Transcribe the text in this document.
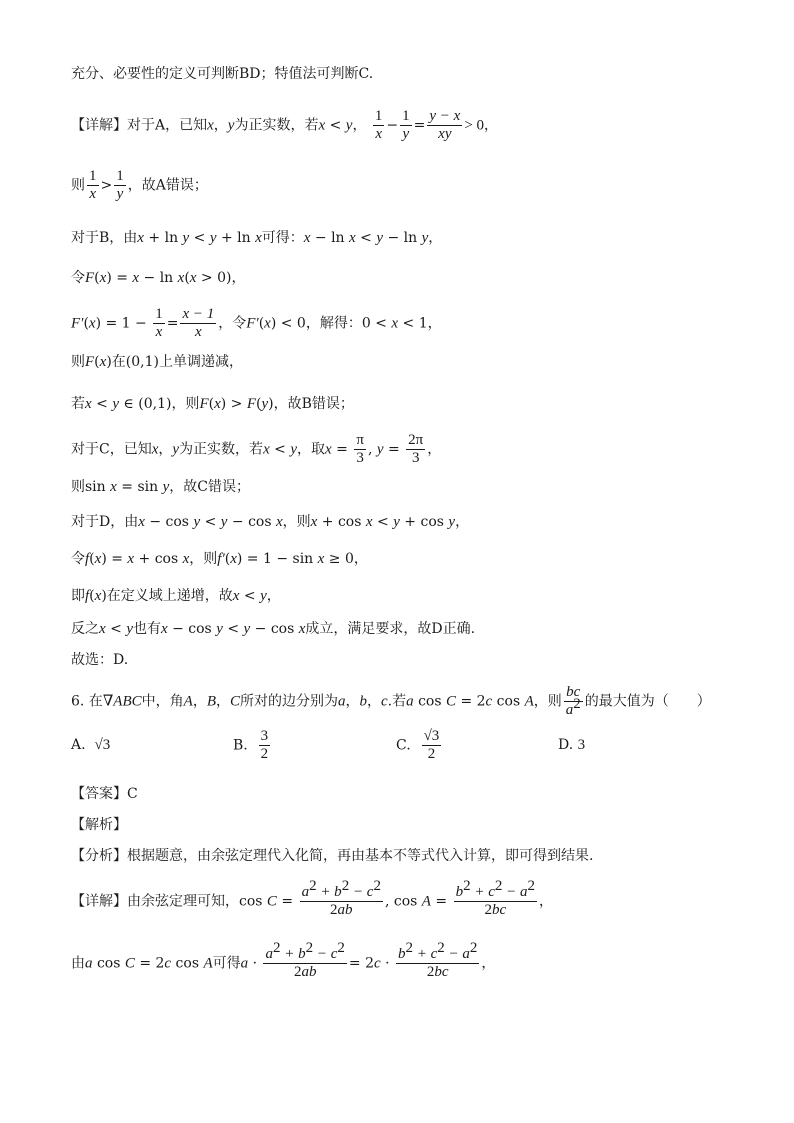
充分、必要性的定义可判断BD；特值法可判断C.
【详解】对于A，已知x，y为正实数，若x < y， $\frac{1}{x} - \frac{1}{y} = \frac{y - x}{xy} > 0$，
则 $\frac{1}{x} > \frac{1}{y}$ ，故A错误；
对于B，由x + ln y < y + ln x可得：x − ln x < y − ln y，
令F(x) = x − ln x(x > 0)，
$F'(x) = 1 - \frac{1}{x} = \frac{x - 1}{x}$ ，令F′(x) < 0，解得：0 < x < 1，
则F(x)在(0,1)上单调递减，
若x < y ∈ (0,1)，则F(x) > F(y)，故B错误；
对于C，已知x，y为正实数，若x < y，取$x = \frac{\pi}{3}$ , $y = \frac{2\pi}{3}$ ，
则sin x = sin y，故C错误；
对于D，由x − cos y < y − cos x，则x + cos x < y + cos y，
令f(x) = x + cos x，则f′(x) = 1 − sin x ≥ 0，
即f(x)在定义域上递增，故x < y，
反之x < y也有x − cos y < y − cos x成立，满足要求，故D正确.
故选：D.
6. 在∇ABC中，角A，B，C所对的边分别为a，b，c.若a cos C = 2c cos A，则 $\frac{bc}{a^2}$ 的最大值为（　　）
A. √3	B. $\frac{3}{2}$	C. $\frac{√3}{2}$	D. 3
【答案】C
【解析】
【分析】根据题意，由余弦定理代入化简，再由基本不等式代入计算，即可得到结果.
【详解】由余弦定理可知，$\cos C = \frac{a^2 + b^2 - c^2}{2ab}$ , $\cos A = \frac{b^2 + c^2 - a^2}{2bc}$ ，
由a cos C = 2c cos A可得$a \cdot \frac{a^2 + b^2 - c^2}{2ab} = 2c \cdot \frac{b^2 + c^2 - a^2}{2bc}$ ，
